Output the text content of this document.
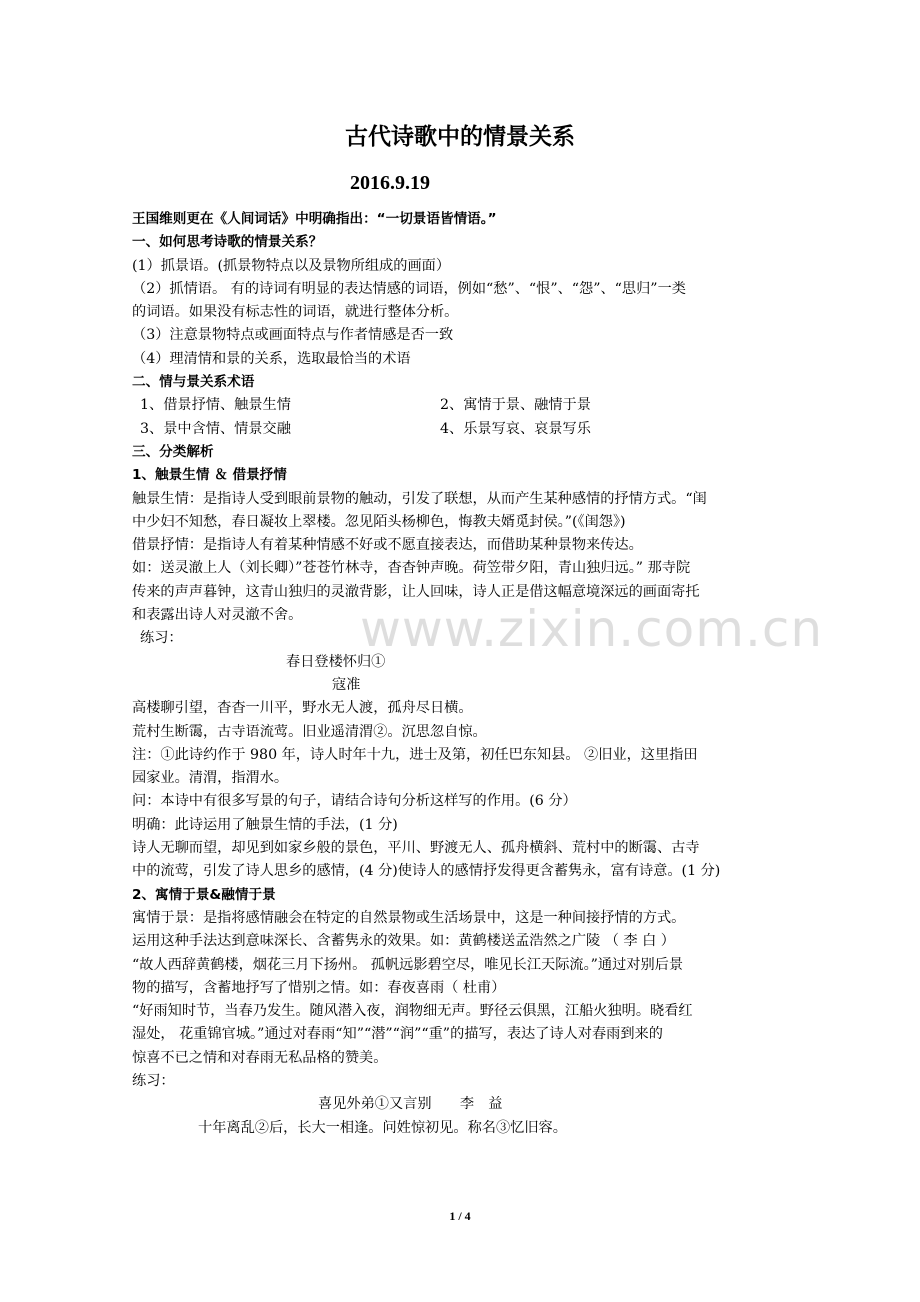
古代诗歌中的情景关系
2016.9.19

王国维则更在《人间词话》中明确指出：“一切景语皆情语。”

一、如何思考诗歌的情景关系？

(1）抓景语。(抓景物特点以及景物所组成的画面）

（2）抓情语。 有的诗词有明显的表达情感的词语，例如“愁”、“恨”、“怨”、“思归”一类

的词语。如果没有标志性的词语，就进行整体分析。

（3）注意景物特点或画面特点与作者情感是否一致

（4）理清情和景的关系，选取最恰当的术语

二、情与景关系术语

1、借景抒情、触景生情	2、寓情于景、融情于景
3、景中含情、情景交融	4、乐景写哀、哀景写乐

三、分类解析

1、触景生情 ＆ 借景抒情

触景生情：是指诗人受到眼前景物的触动，引发了联想，从而产生某种感情的抒情方式。“闺

中少妇不知愁，春日凝妆上翠楼。忽见陌头杨柳色，悔教夫婿觅封侯。”(《闺怨》)

借景抒情：是指诗人有着某种情感不好或不愿直接表达，而借助某种景物来传达。

如：送灵澈上人（刘长卿）”苍苍竹林寺，杳杳钟声晚。荷笠带夕阳，青山独归远。” 那寺院

传来的声声暮钟，这青山独归的灵澈背影，让人回味，诗人正是借这幅意境深远的画面寄托

和表露出诗人对灵澈不舍。

练习：

春日登楼怀归①

寇准

高楼聊引望，杳杳一川平，野水无人渡，孤舟尽日横。

荒村生断霭，古寺语流莺。旧业遥清渭②。沉思忽自惊。

注：①此诗约作于 980 年，诗人时年十九，进士及第，初任巴东知县。 ②旧业，这里指田

园家业。清渭，指渭水。

问：本诗中有很多写景的句子，请结合诗句分析这样写的作用。(6 分）

明确：此诗运用了触景生情的手法，(1 分)

诗人无聊而望，却见到如家乡般的景色，平川、野渡无人、孤舟横斜、荒村中的断霭、古寺

中的流莺，引发了诗人思乡的感情，(4 分)使诗人的感情抒发得更含蓄隽永，富有诗意。(1 分)

2、寓情于景&融情于景

寓情于景：是指将感情融会在特定的自然景物或生活场景中，这是一种间接抒情的方式。

运用这种手法达到意味深长、含蓄隽永的效果。如：黄鹤楼送孟浩然之广陵 （ 李 白 ）

“故人西辞黄鹤楼，烟花三月下扬州。 孤帆远影碧空尽，唯见长江天际流。”通过对别后景

物的描写，含蓄地抒写了惜别之情。如：春夜喜雨（ 杜甫）

“好雨知时节，当春乃发生。随风潜入夜，润物细无声。野径云俱黑，江船火独明。晓看红

湿处， 花重锦官城。”通过对春雨“知”“潜”“润”“重”的描写，表达了诗人对春雨到来的

惊喜不已之情和对春雨无私品格的赞美。

练习：

喜见外弟①又言别　　李　益

十年离乱②后，长大一相逢。问姓惊初见。称名③忆旧容。

www.zixin.com.cn
1 / 4
